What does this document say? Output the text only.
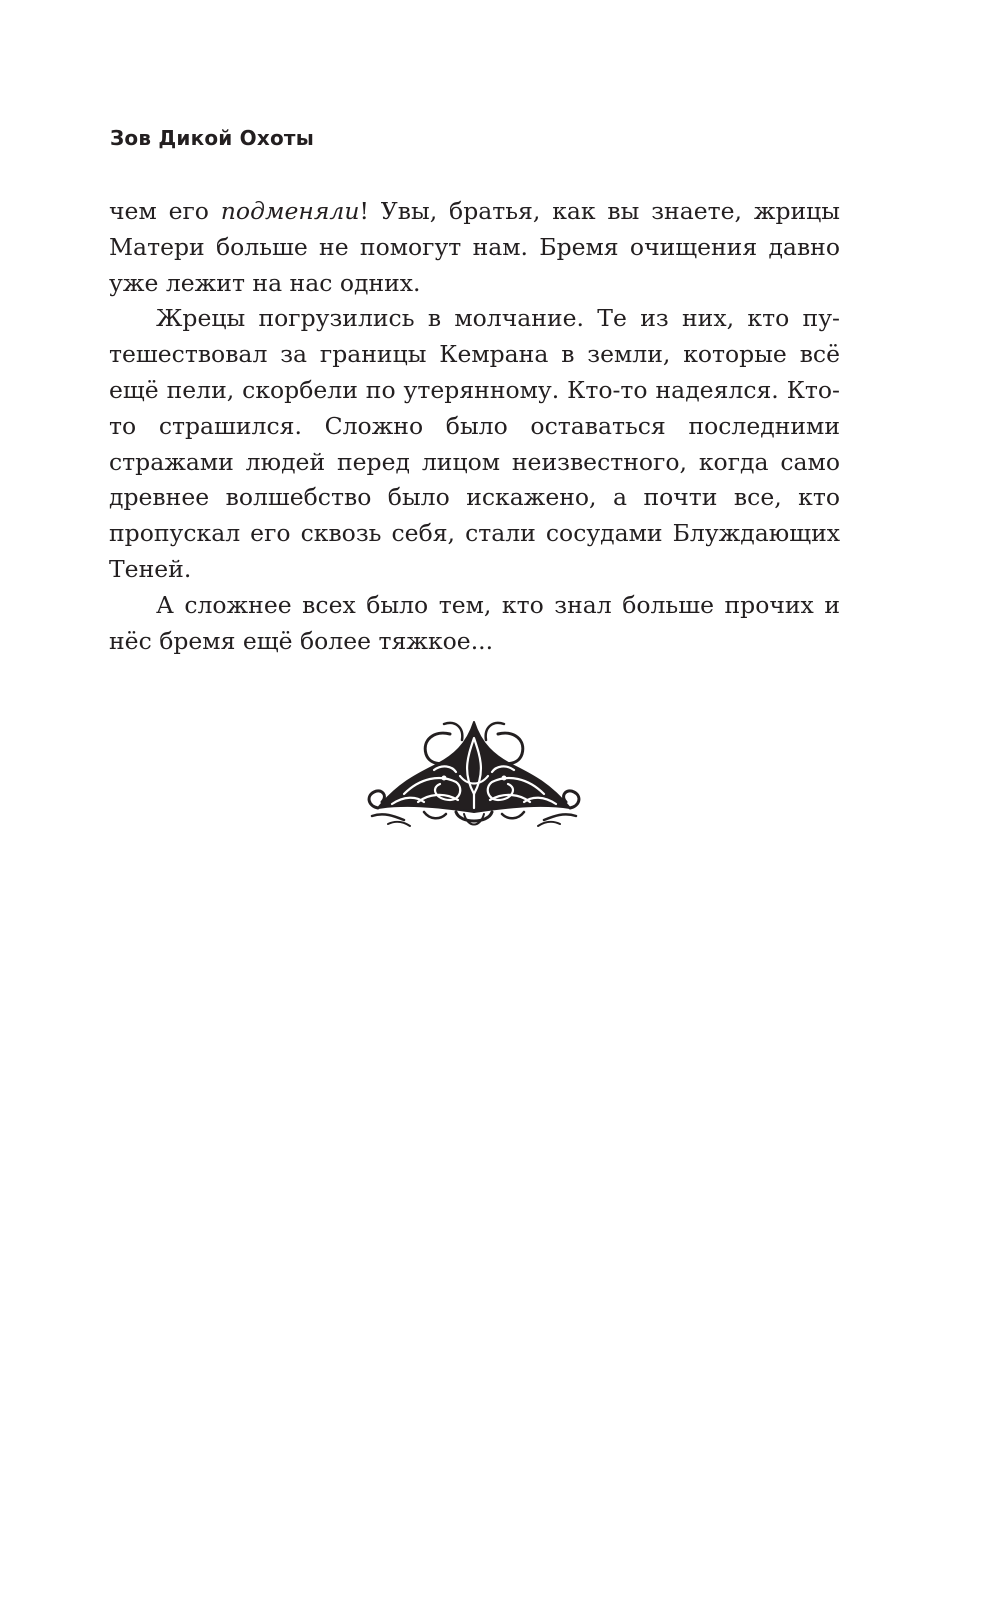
Зов Дикой Охоты

чем его подменяли! Увы, братья, как вы знаете, жрицы Матери больше не помогут нам. Бремя очищения давно уже лежит на нас одних.

Жрецы погрузились в молчание. Те из них, кто путешествовал за границы Кемрана в земли, которые всё ещё пели, скорбели по утерянному. Кто-то надеялся. Кто-то страшился. Сложно было оставаться последними стражами людей перед лицом неизвестного, когда само древнее волшебство было искажено, а почти все, кто пропускал его сквозь себя, стали сосудами Блуждающих Теней.

А сложнее всех было тем, кто знал больше прочих и нёс бремя ещё более тяжкое...
